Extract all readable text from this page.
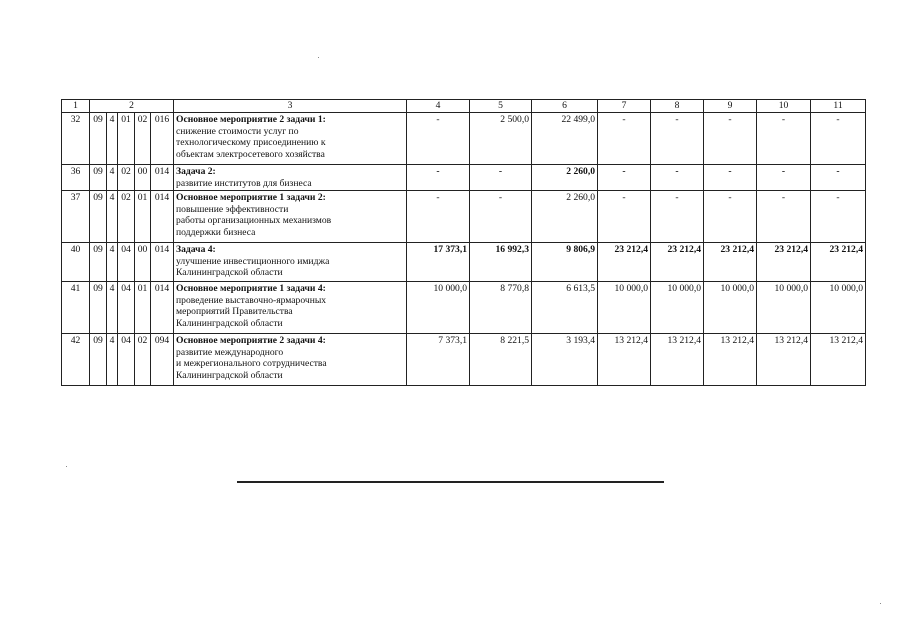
1	2					3	4	5	6	7	8	9	10	11
32	09	4	01	02	016	Основное мероприятие 2 задачи 1:
снижение стоимости услуг по
технологическому присоединению к
объектам электросетевого хозяйства	-	2 500,0	22 499,0	-	-	-	-	-
36	09	4	02	00	014	Задача 2:
развитие институтов для бизнеса	-	-	2 260,0	-	-	-	-	-
37	09	4	02	01	014	Основное мероприятие 1 задачи 2:
повышение эффективности
работы организационных механизмов
поддержки бизнеса	-	-	2 260,0	-	-	-	-	-
40	09	4	04	00	014	Задача 4:
улучшение инвестиционного имиджа
Калининградской области	17 373,1	16 992,3	9 806,9	23 212,4	23 212,4	23 212,4	23 212,4	23 212,4
41	09	4	04	01	014	Основное мероприятие 1 задачи 4:
проведение выставочно-ярмарочных
мероприятий Правительства
Калининградской области	10 000,0	8 770,8	6 613,5	10 000,0	10 000,0	10 000,0	10 000,0	10 000,0
42	09	4	04	02	094	Основное мероприятие 2 задачи 4:
развитие международного
и межрегионального сотрудничества
Калининградской области	7 373,1	8 221,5	3 193,4	13 212,4	13 212,4	13 212,4	13 212,4	13 212,4
